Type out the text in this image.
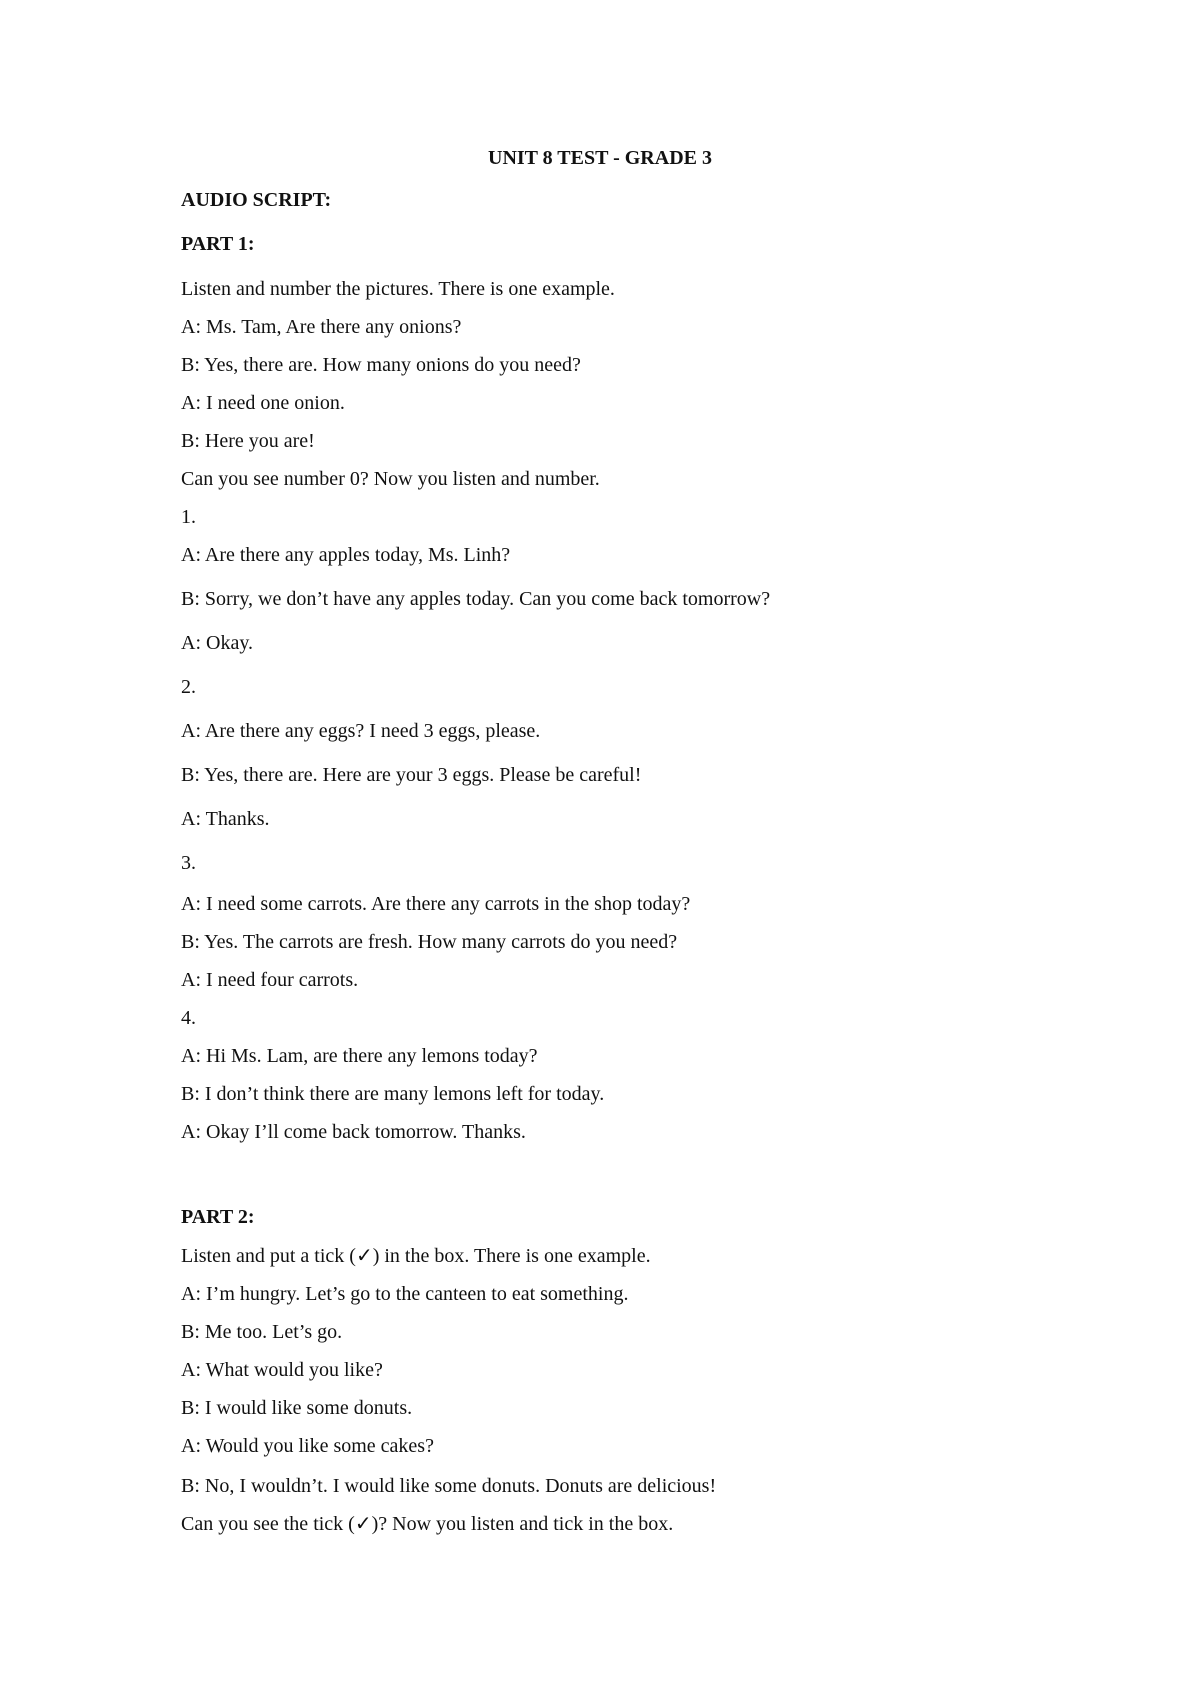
UNIT 8 TEST - GRADE 3
AUDIO SCRIPT:
PART 1:
Listen and number the pictures. There is one example.
A: Ms. Tam, Are there any onions?
B: Yes, there are. How many onions do you need?
A: I need one onion.
B: Here you are!
Can you see number 0? Now you listen and number.
1.
A: Are there any apples today, Ms. Linh?
B: Sorry, we don’t have any apples today. Can you come back tomorrow?
A: Okay.
2.
A: Are there any eggs? I need 3 eggs, please.
B: Yes, there are. Here are your 3 eggs. Please be careful!
A: Thanks.
3.
A: I need some carrots. Are there any carrots in the shop today?
B: Yes. The carrots are fresh. How many carrots do you need?
A: I need four carrots.
4.
A: Hi Ms. Lam, are there any lemons today?
B: I don’t think there are many lemons left for today.
A: Okay I’ll come back tomorrow. Thanks.
PART 2:
Listen and put a tick (✓) in the box. There is one example.
A: I’m hungry. Let’s go to the canteen to eat something.
B: Me too. Let’s go.
A: What would you like?
B: I would like some donuts.
A: Would you like some cakes?
B: No, I wouldn’t. I would like some donuts. Donuts are delicious!
Can you see the tick (✓)? Now you listen and tick in the box.
